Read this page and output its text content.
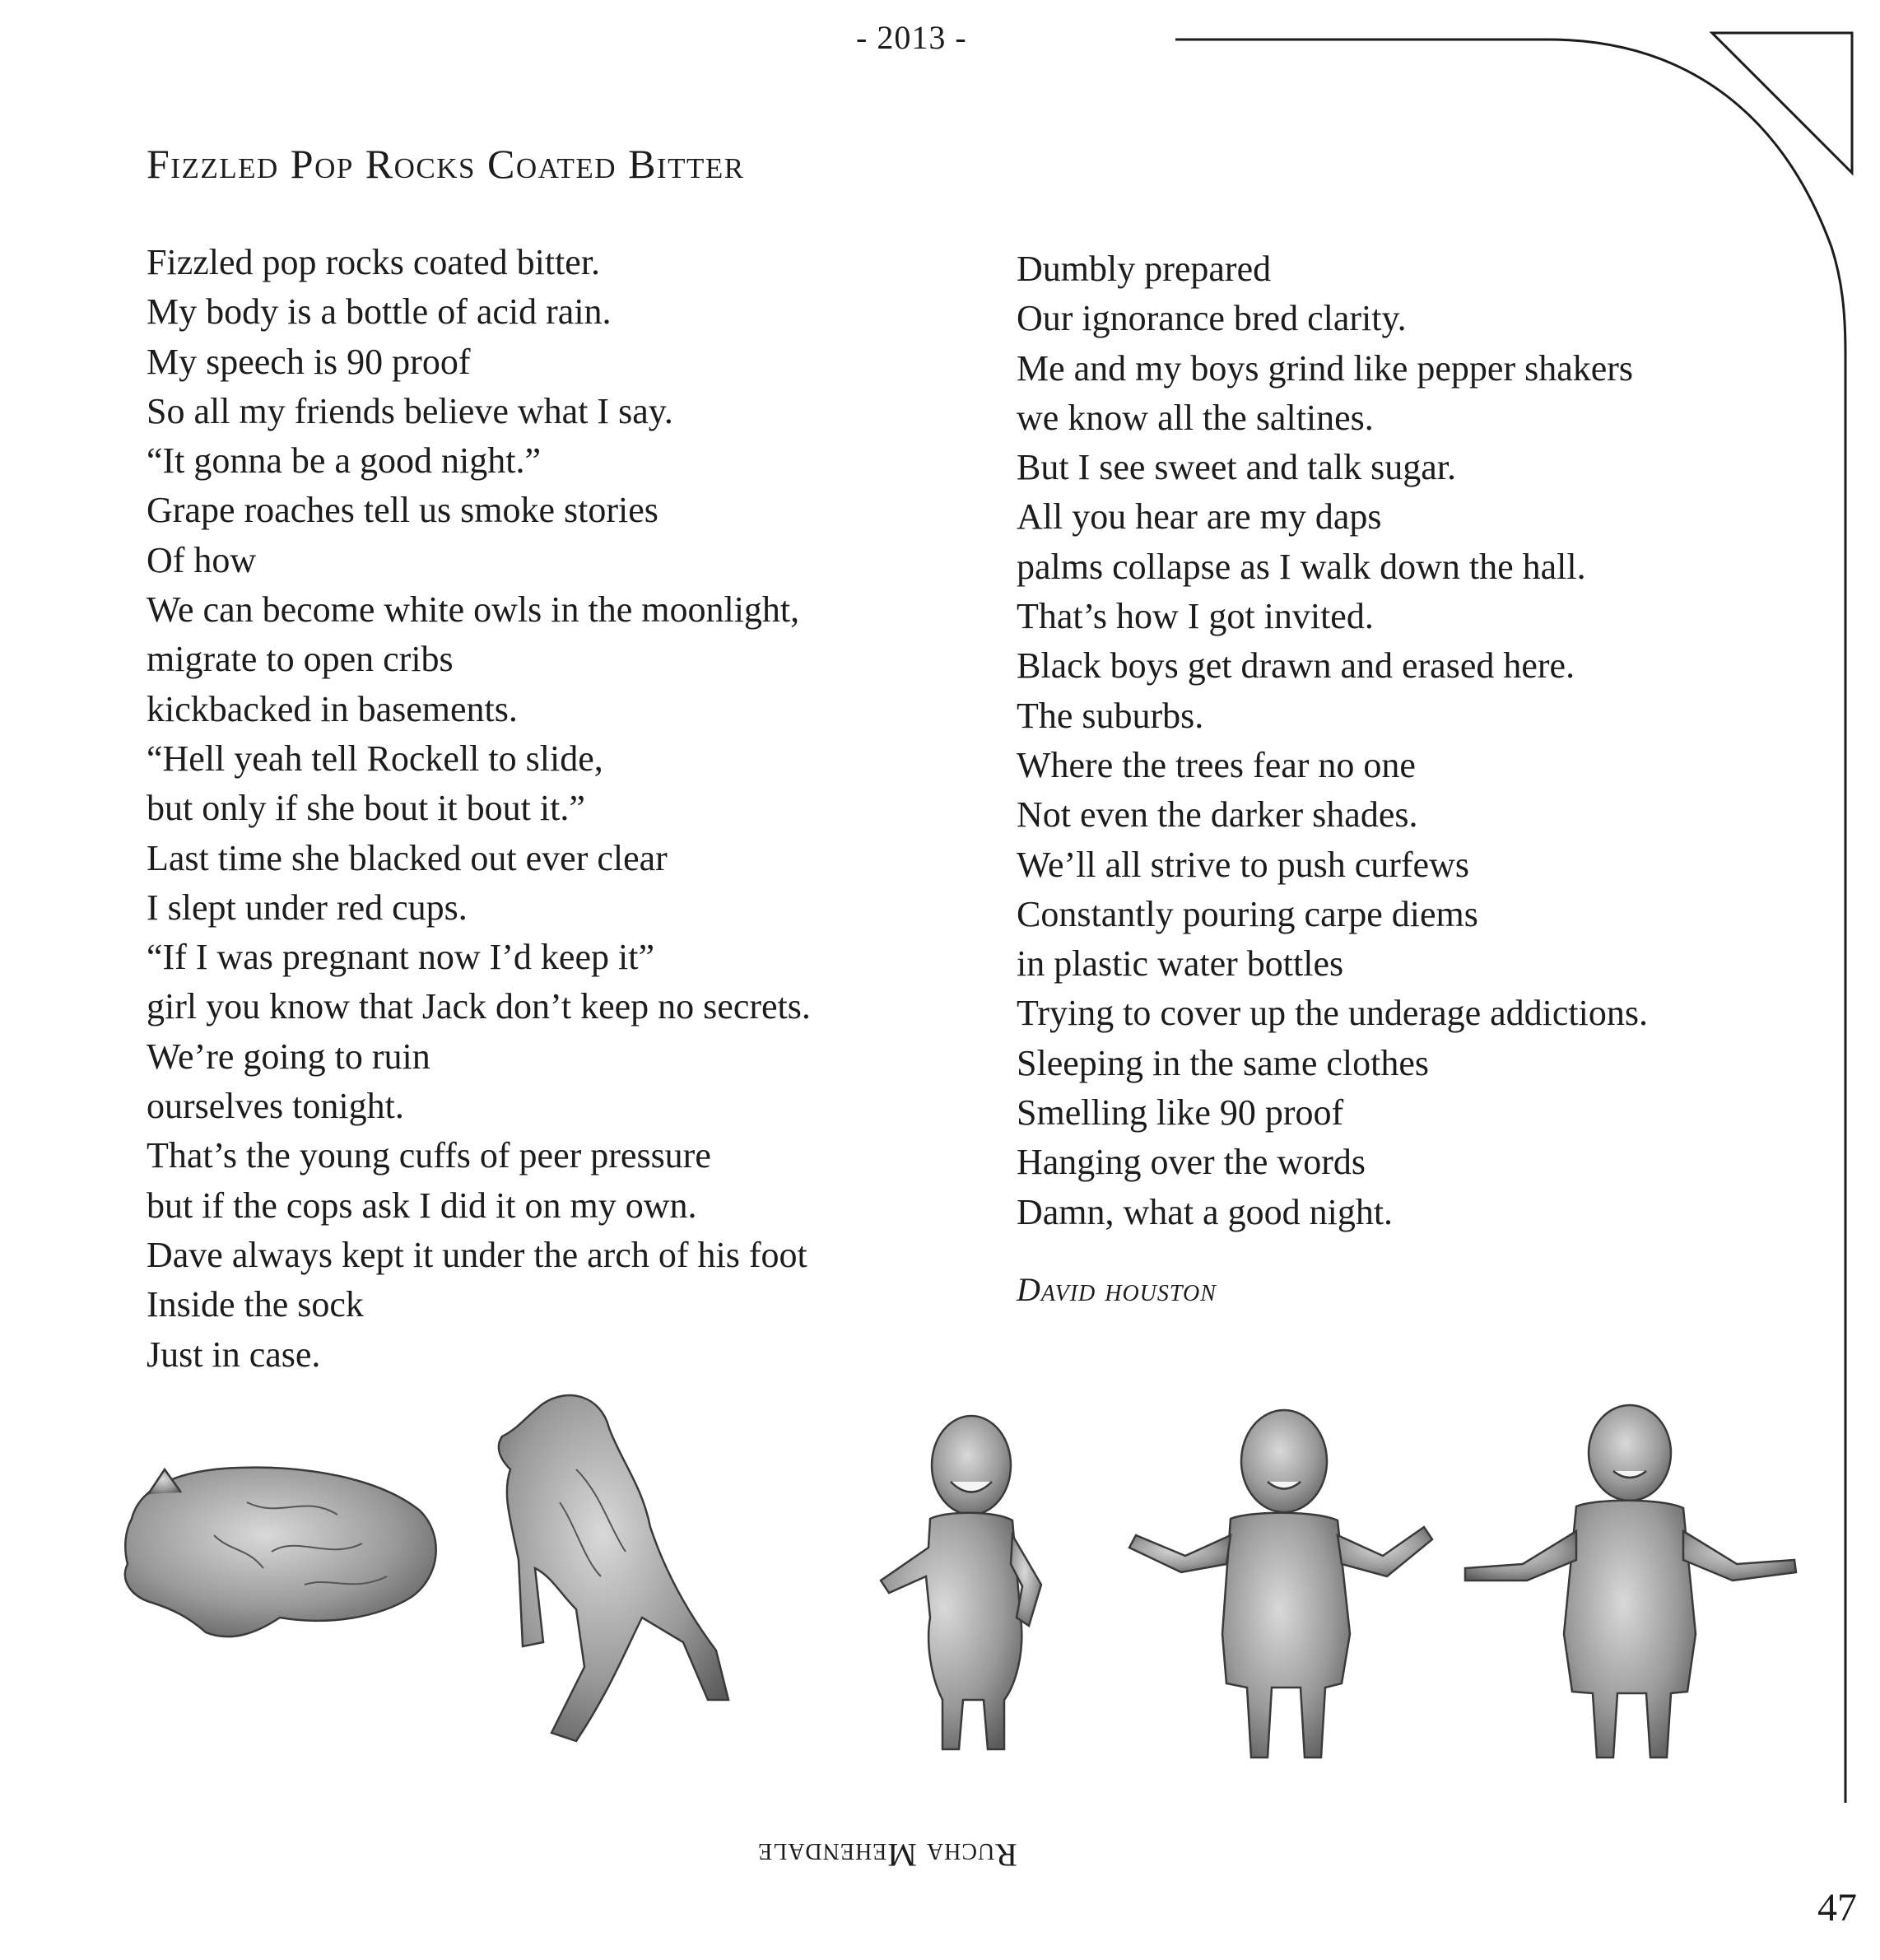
- 2013 -
Fizzled Pop Rocks Coated Bitter
Fizzled pop rocks coated bitter.
My body is a bottle of acid rain.
My speech is 90 proof
So all my friends believe what I say.
“It gonna be a good night.”
Grape roaches tell us smoke stories
Of how
We can become white owls in the moonlight,
migrate to open cribs
kickbacked in basements.
“Hell yeah tell Rockell to slide,
but only if she bout it bout it.”
Last time she blacked out ever clear
I slept under red cups.
“If I was pregnant now I’d keep it”
girl you know that Jack don’t keep no secrets.
We’re going to ruin
ourselves tonight.
That’s the young cuffs of peer pressure
but if the cops ask I did it on my own.
Dave always kept it under the arch of his foot
Inside the sock
Just in case.
Dumbly prepared
Our ignorance bred clarity.
Me and my boys grind like pepper shakers
we know all the saltines.
But I see sweet and talk sugar.
All you hear are my daps
palms collapse as I walk down the hall.
That’s how I got invited.
Black boys get drawn and erased here.
The suburbs.
Where the trees fear no one
Not even the darker shades.
We’ll all strive to push curfews
Constantly pouring carpe diems
in plastic water bottles
Trying to cover up the underage addictions.
Sleeping in the same clothes
Smelling like 90 proof
Hanging over the words
Damn, what a good night.
David houston
Rucha Mehendale
47
